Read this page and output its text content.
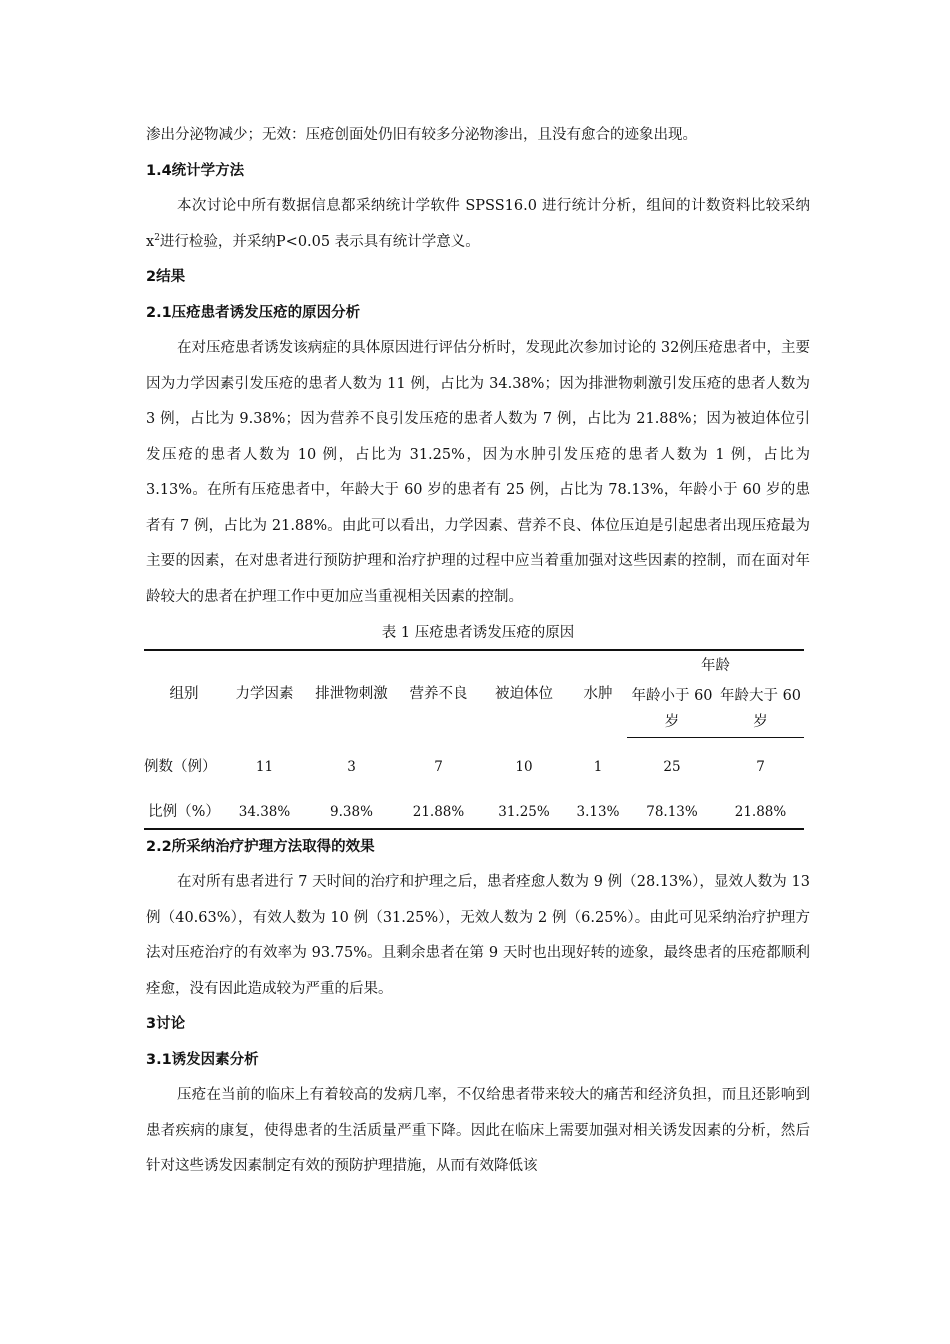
渗出分泌物减少；无效：压疮创面处仍旧有较多分泌物渗出，且没有愈合的迹象出现。

1.4统计学方法

本次讨论中所有数据信息都采纳统计学软件 SPSS16.0 进行统计分析，组间的计数资料比较采纳 $x^2$进行检验，并采纳P<0.05 表示具有统计学意义。

2结果
2.1压疮患者诱发压疮的原因分析

在对压疮患者诱发该病症的具体原因进行评估分析时，发现此次参加讨论的 32例压疮患者中，主要因为力学因素引发压疮的患者人数为 11 例，占比为 34.38%；因为排泄物刺激引发压疮的患者人数为 3 例，占比为 9.38%；因为营养不良引发压疮的患者人数为 7 例，占比为 21.88%；因为被迫体位引发压疮的患者人数为 10 例，占比为 31.25%，因为水肿引发压疮的患者人数为 1 例，占比为 3.13%。在所有压疮患者中，年龄大于 60 岁的患者有 25 例，占比为 78.13%，年龄小于 60 岁的患者有 7 例，占比为 21.88%。由此可以看出，力学因素、营养不良、体位压迫是引起患者出现压疮最为主要的因素，在对患者进行预防护理和治疗护理的过程中应当着重加强对这些因素的控制，而在面对年龄较大的患者在护理工作中更加应当重视相关因素的控制。

表 1 压疮患者诱发压疮的原因
组别	力学因素	排泄物刺激	营养不良	被迫体位	水肿	年龄	
						年龄小于 60 岁	年龄大于 60 岁
例数（例）	11	3	7	10	1	25	7
比例（%）	34.38%	9.38%	21.88%	31.25%	3.13%	78.13%	21.88%
2.2所采纳治疗护理方法取得的效果

在对所有患者进行 7 天时间的治疗和护理之后，患者痊愈人数为 9 例（28.13%），显效人数为 13 例（40.63%），有效人数为 10 例（31.25%），无效人数为 2 例（6.25%）。由此可见采纳治疗护理方法对压疮治疗的有效率为 93.75%。且剩余患者在第 9 天时也出现好转的迹象，最终患者的压疮都顺利痊愈，没有因此造成较为严重的后果。

3讨论
3.1诱发因素分析

压疮在当前的临床上有着较高的发病几率，不仅给患者带来较大的痛苦和经济负担，而且还影响到患者疾病的康复，使得患者的生活质量严重下降。因此在临床上需要加强对相关诱发因素的分析，然后针对这些诱发因素制定有效的预防护理措施，从而有效降低该
